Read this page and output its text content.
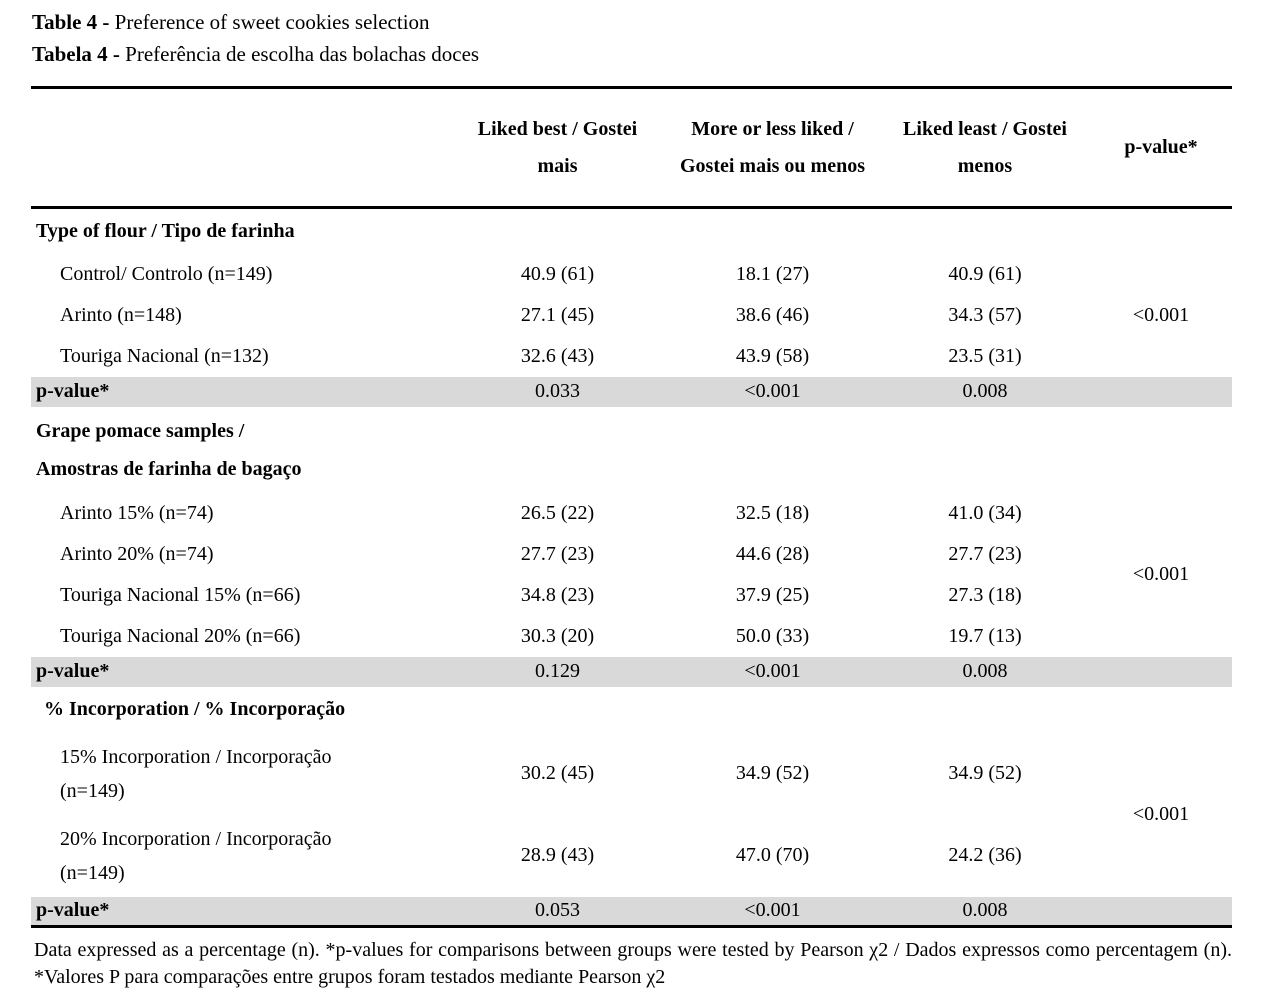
Table 4 - Preference of sweet cookies selection
Tabela 4 - Preferência de escolha das bolachas doces
	Liked best / Gostei mais	More or less liked / Gostei mais ou menos	Liked least / Gostei menos	p-value*
Type of flour / Tipo de farinha				
Control/ Controlo (n=149)	40.9 (61)	18.1 (27)	40.9 (61)	<0.001
Arinto (n=148)	27.1 (45)	38.6 (46)	34.3 (57)	
Touriga Nacional (n=132)	32.6 (43)	43.9 (58)	23.5 (31)	
p-value*	0.033	<0.001	0.008	

Grape pomace samples /
Amostras de farinha de bagaço				

Arinto 15% (n=74)	26.5 (22)	32.5 (18)	41.0 (34)	<0.001
Arinto 20% (n=74)	27.7 (23)	44.6 (28)	27.7 (23)	
Touriga Nacional 15% (n=66)	34.8 (23)	37.9 (25)	27.3 (18)	
Touriga Nacional 20% (n=66)	30.3 (20)	50.0 (33)	19.7 (13)	
p-value*	0.129	<0.001	0.008	
% Incorporation / % Incorporação				

15% Incorporation / Incorporação
(n=149)	30.2 (45)	34.9 (52)	34.9 (52)	<0.001

20% Incorporation / Incorporação
(n=149)	28.9 (43)	47.0 (70)	24.2 (36)	
p-value*	0.053	<0.001	0.008	
Data expressed as a percentage (n). *p-values for comparisons between groups were tested by Pearson χ2 / Dados expressos como percentagem (n). *Valores P para comparações entre grupos foram testados mediante Pearson χ2
